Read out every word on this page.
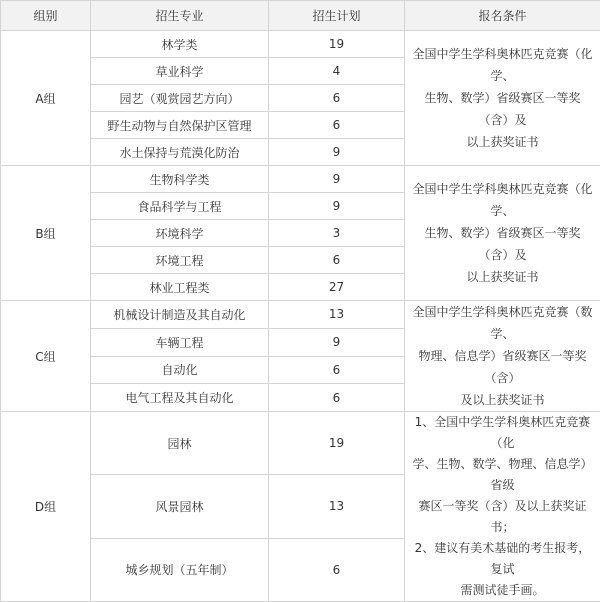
组别	招生专业	招生计划	报名条件
A组	林学类	19	全国中学生学科奥林匹克竞赛（化学、
生物、数学）省级赛区一等奖（含）及
以上获奖证书

	草业科学	4	
	园艺（观赏园艺方向）	6	
	野生动物与自然保护区管理	6	
	水土保持与荒漠化防治	9	
B组	生物科学类	9	全国中学生学科奥林匹克竞赛（化学、
生物、数学）省级赛区一等奖（含）及
以上获奖证书

	食品科学与工程	9	
	环境科学	3	
	环境工程	6	
	林业工程类	27	
C组	机械设计制造及其自动化	13	全国中学生学科奥林匹克竞赛（数学、
物理、信息学）省级赛区一等奖（含）
及以上获奖证书

	车辆工程	9	
	自动化	6	
	电气工程及其自动化	6	
D组	园林	19	1、全国中学生学科奥林匹克竞赛（化
学、生物、数学、物理、信息学）省级
赛区一等奖（含）及以上获奖证书；
2、建议有美术基础的考生报考，复试
需测试徒手画。

	风景园林	13	
	城乡规划（五年制）	6	
